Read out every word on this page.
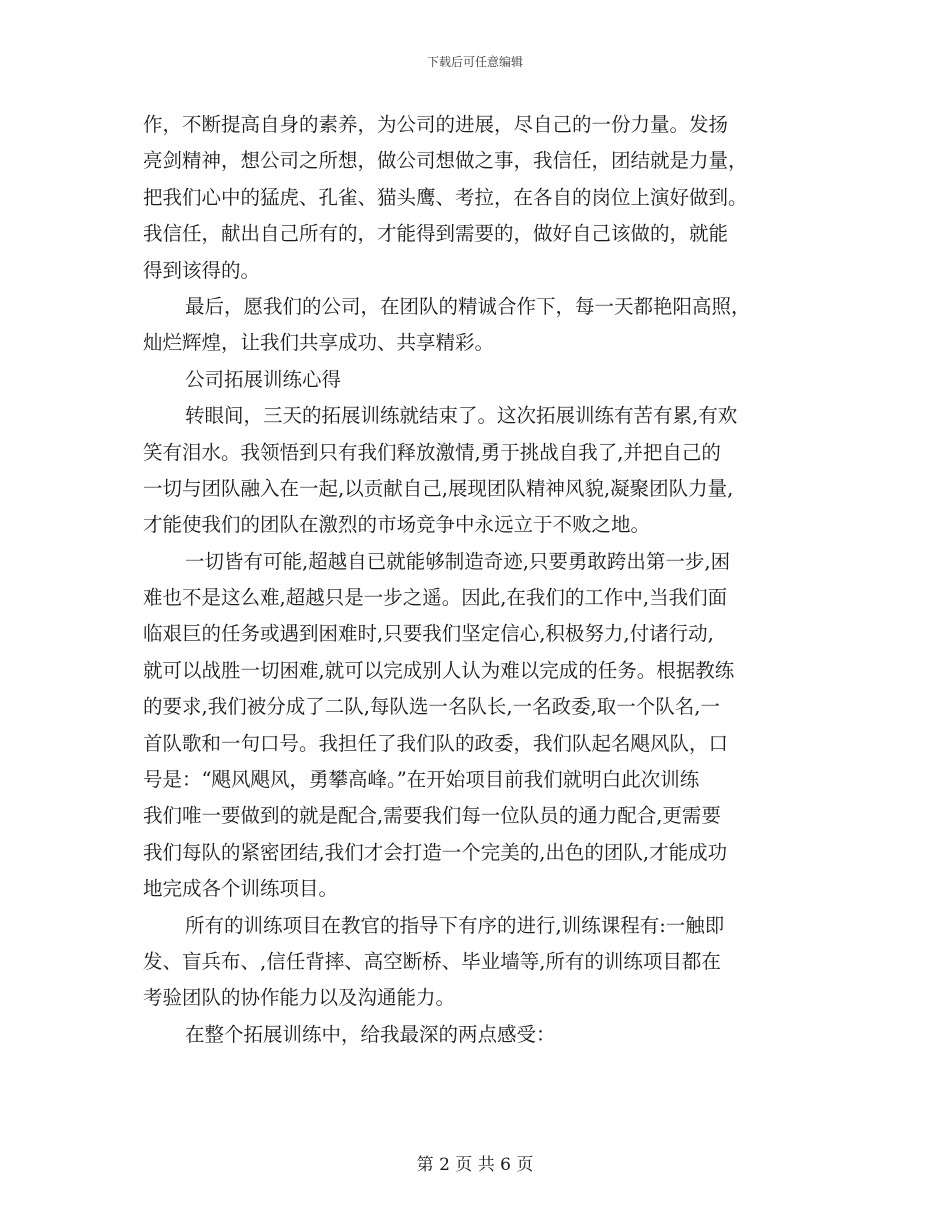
下载后可任意编辑
作，不断提高自身的素养，为公司的进展，尽自己的一份力量。发扬
亮剑精神，想公司之所想，做公司想做之事，我信任，团结就是力量，
把我们心中的猛虎、孔雀、猫头鹰、考拉，在各自的岗位上演好做到。
我信任，献出自己所有的，才能得到需要的，做好自己该做的，就能
得到该得的。
最后，愿我们的公司，在团队的精诚合作下，每一天都艳阳高照，
灿烂辉煌，让我们共享成功、共享精彩。
公司拓展训练心得
转眼间，三天的拓展训练就结束了。这次拓展训练有苦有累,有欢
笑有泪水。我领悟到只有我们释放激情,勇于挑战自我了,并把自己的
一切与团队融入在一起,以贡献自己,展现团队精神风貌,凝聚团队力量,
才能使我们的团队在激烈的市场竞争中永远立于不败之地。
一切皆有可能,超越自已就能够制造奇迹,只要勇敢跨出第一步,困
难也不是这么难,超越只是一步之遥。因此,在我们的工作中,当我们面
临艰巨的任务或遇到困难时,只要我们坚定信心,积极努力,付诸行动,
就可以战胜一切困难,就可以完成别人认为难以完成的任务。根据教练
的要求,我们被分成了二队,每队选一名队长,一名政委,取一个队名,一
首队歌和一句口号。我担任了我们队的政委，我们队起名飓风队，口
号是：“飓风飓风，勇攀高峰。”在开始项目前我们就明白此次训练
我们唯一要做到的就是配合,需要我们每一位队员的通力配合,更需要
我们每队的紧密团结,我们才会打造一个完美的,出色的团队,才能成功
地完成各个训练项目。
所有的训练项目在教官的指导下有序的进行,训练课程有:一触即
发、盲兵布、,信任背摔、高空断桥、毕业墙等,所有的训练项目都在
考验团队的协作能力以及沟通能力。
在整个拓展训练中，给我最深的两点感受：
第 2 页 共 6 页
